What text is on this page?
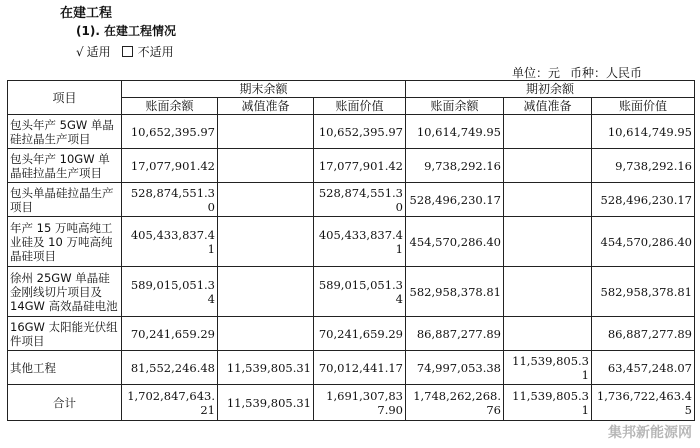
在建工程
(1). 在建工程情况
√ 适用 不适用
单位：元 币种：人民币
项目	期末余额			期初余额		
	账面余额	减值准备	账面价值	账面余额	减值准备	账面价值
包头年产 5GW 单晶硅拉晶生产项目	10,652,395.97		10,652,395.97	10,614,749.95		10,614,749.95
包头年产 10GW 单晶硅拉晶生产项目	17,077,901.42		17,077,901.42	9,738,292.16		9,738,292.16
包头单晶硅拉晶生产项目	528,874,551.30		528,874,551.30	528,496,230.17		528,496,230.17
年产 15 万吨高纯工业硅及 10 万吨高纯晶硅项目	405,433,837.41		405,433,837.41	454,570,286.40		454,570,286.40
徐州 25GW 单晶硅金刚线切片项目及 14GW 高效晶硅电池	589,015,051.34		589,015,051.34	582,958,378.81		582,958,378.81
16GW 太阳能光伏组件项目	70,241,659.29		70,241,659.29	86,887,277.89		86,887,277.89
其他工程	81,552,246.48	11,539,805.31	70,012,441.17	74,997,053.38	11,539,805.31	63,457,248.07
合计	1,702,847,643.21	11,539,805.31	1,691,307,837.90	1,748,262,268.76	11,539,805.31	1,736,722,463.45
集邦新能源网
